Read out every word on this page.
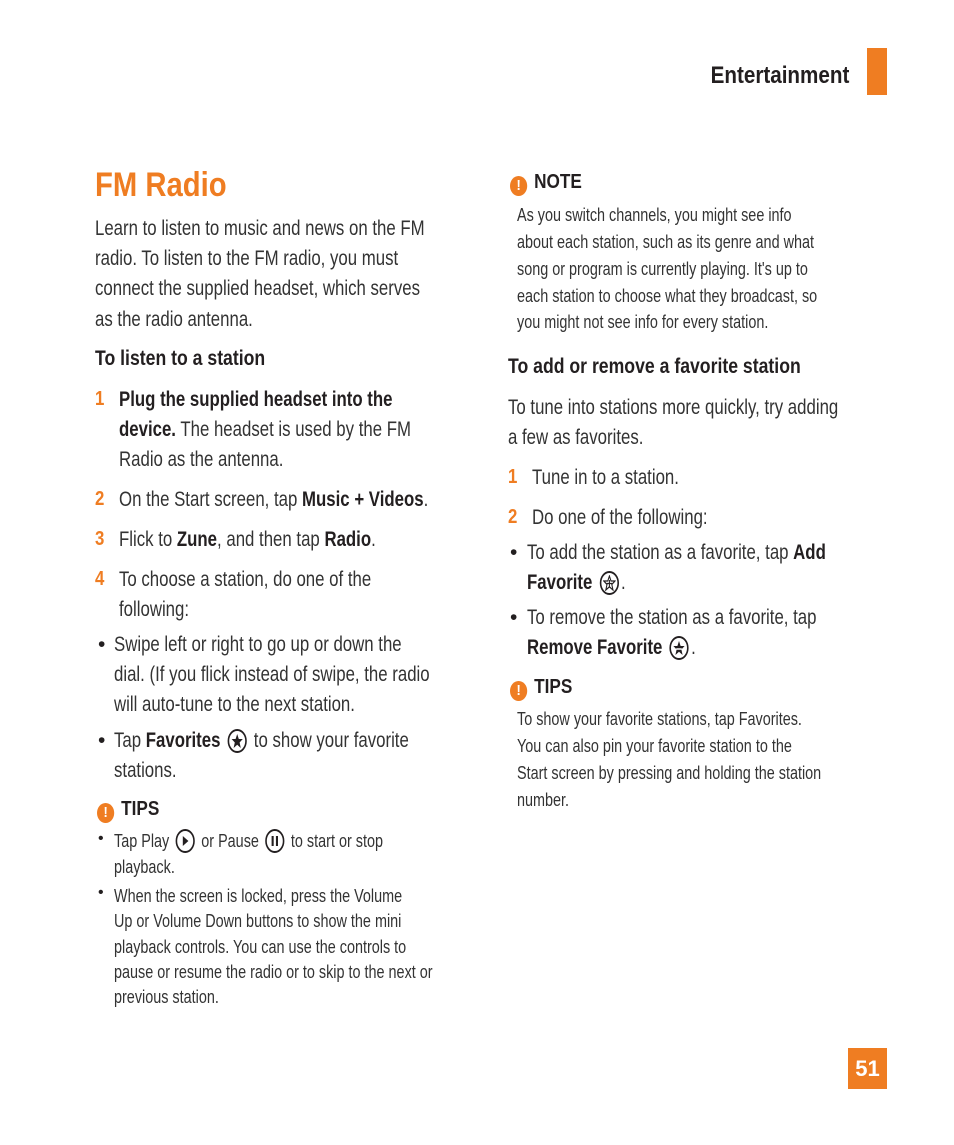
Entertainment
FM Radio
Learn to listen to music and news on the FM
radio. To listen to the FM radio, you must
connect the supplied headset, which serves
as the radio antenna.
To listen to a station
1 Plug the supplied headset into the
device. The headset is used by the FM
Radio as the antenna.
2 On the Start screen, tap Music + Videos.
3 Flick to Zune, and then tap Radio.
4 To choose a station, do one of the
following:
• Swipe left or right to go up or down the
dial. (If you flick instead of swipe, the radio
will auto-tune to the next station.
• Tap Favorites
to show your favorite
stations.
! TIPS
• Tap Play or Pause to start or stop
playback.
• When the screen is locked, press the Volume
Up or Volume Down buttons to show the mini
playback controls. You can use the controls to
pause or resume the radio or to skip to the next or
previous station.
! NOTE
As you switch channels, you might see info
about each station, such as its genre and what
song or program is currently playing. It's up to
each station to choose what they broadcast, so
you might not see info for every station.
To add or remove a favorite station
To tune into stations more quickly, try adding
a few as favorites.
1 Tune in to a station.
2 Do one of the following:
• To add the station as a favorite, tap Add
Favorite .
• To remove the station as a favorite, tap
Remove Favorite .
! TIPS
To show your favorite stations, tap Favorites.
You can also pin your favorite station to the
Start screen by pressing and holding the station
number.
51
